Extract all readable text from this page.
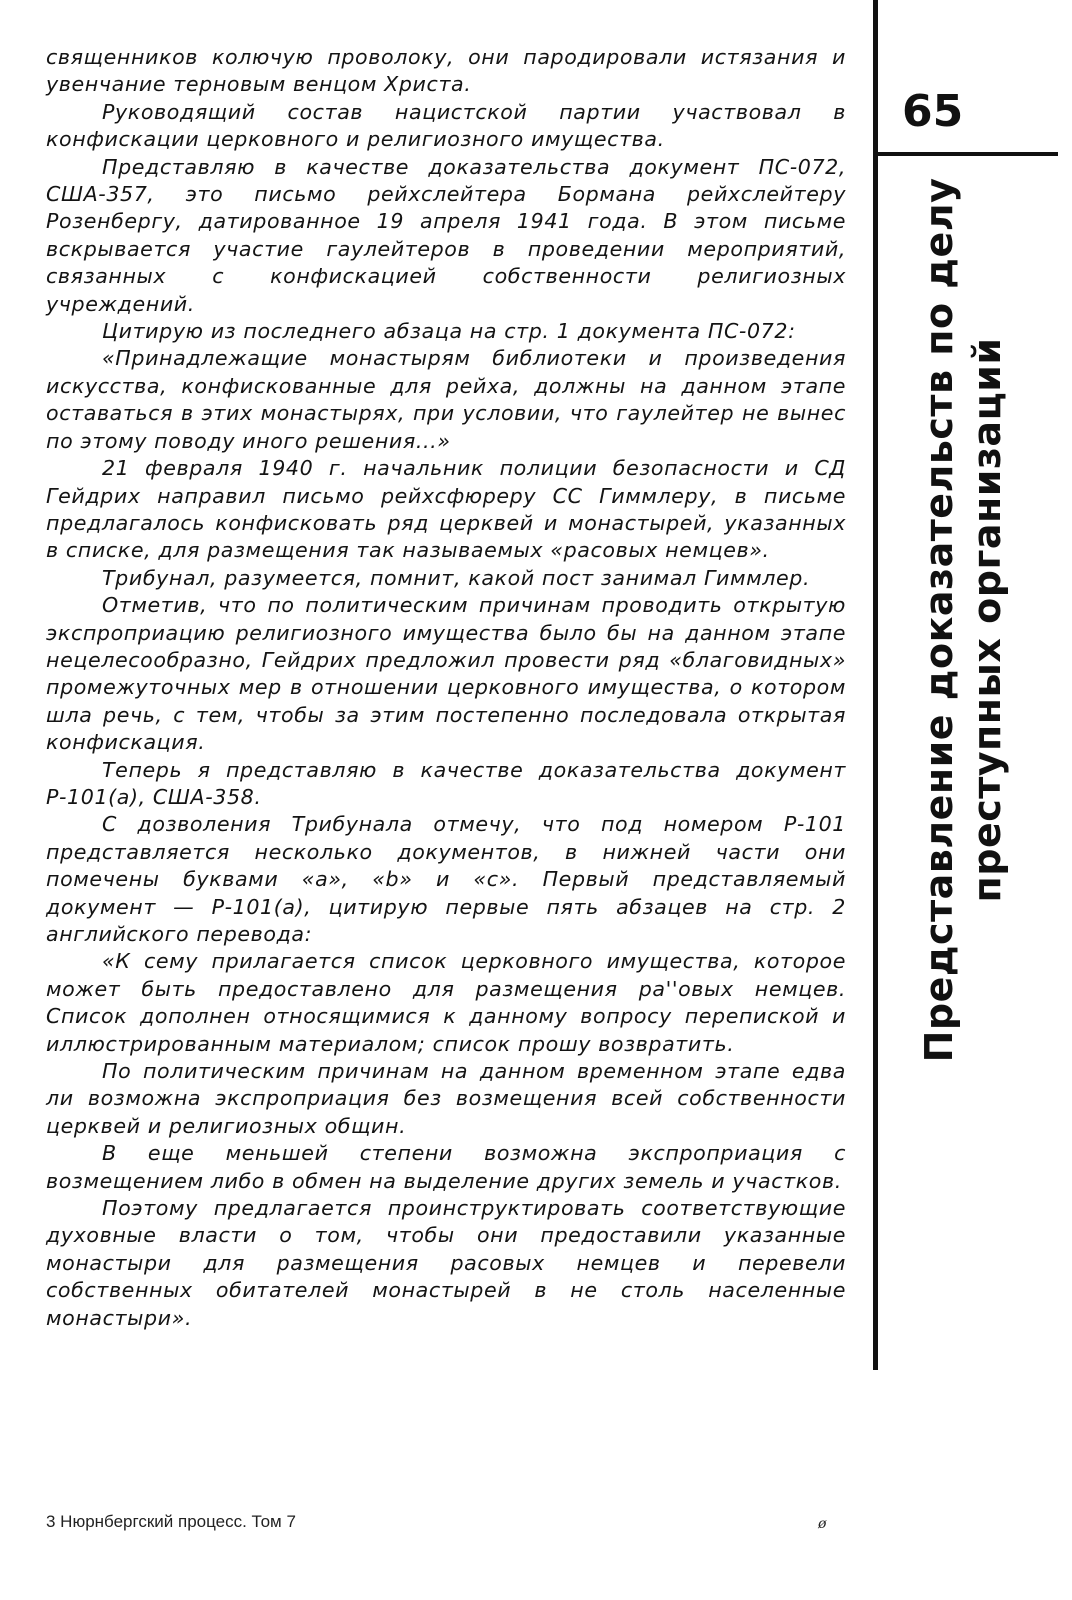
65
Представление доказательств по делу преступных организаций

священников колючую проволоку, они пародировали истязания и увенчание терновым венцом Христа.

Руководящий состав нацистской партии участвовал в конфискации церковного и религиозного имущества.

Представляю в качестве доказательства документ ПС-072, США-357, это письмо рейхслейтера Бормана рейхслейтеру Розенбергу, датированное 19 апреля 1941 года. В этом письме вскрывается участие гаулейтеров в проведении мероприятий, связанных с конфискацией собственности религиозных учреждений.

Цитирую из последнего абзаца на стр. 1 документа ПС-072:

«Принадлежащие монастырям библиотеки и произведения искусства, конфискованные для рейха, должны на данном этапе оставаться в этих монастырях, при условии, что гаулейтер не вынес по этому поводу иного решения...»

21 февраля 1940 г. начальник полиции безопасности и СД Гейдрих направил письмо рейхсфюреру СС Гиммлеру, в письме предлагалось конфисковать ряд церквей и монастырей, указанных в списке, для размещения так называемых «расовых немцев».

Трибунал, разумеется, помнит, какой пост занимал Гиммлер.

Отметив, что по политическим причинам проводить открытую экспроприацию религиозного имущества было бы на данном этапе нецелесообразно, Гейдрих предложил провести ряд «благовидных» промежуточных мер в отношении церковного имущества, о котором шла речь, с тем, чтобы за этим постепенно последовала открытая конфискация.

Теперь я представляю в качестве доказательства документ Р-101(а), США-358.

С дозволения Трибунала отмечу, что под номером Р-101 представляется несколько документов, в нижней части они помечены буквами «а», «b» и «с». Первый представляемый документ — Р-101(а), цитирую первые пять абзацев на стр. 2 английского перевода:

«К сему прилагается список церковного имущества, которое может быть предоставлено для размещения ра''овых немцев. Список дополнен относящимися к данному вопросу перепиской и иллюстрированным материалом; список прошу возвратить.

По политическим причинам на данном временном этапе едва ли возможна экспроприация без возмещения всей собственности церквей и религиозных общин.

В еще меньшей степени возможна экспроприация с возмещением либо в обмен на выделение других земель и участков.

Поэтому предлагается проинструктировать соответствующие духовные власти о том, чтобы они предоставили указанные монастыри для размещения расовых немцев и перевели собственных обитателей монастырей в не столь населенные монастыри».

3 Нюрнбергский процесс. Том 7	ø
